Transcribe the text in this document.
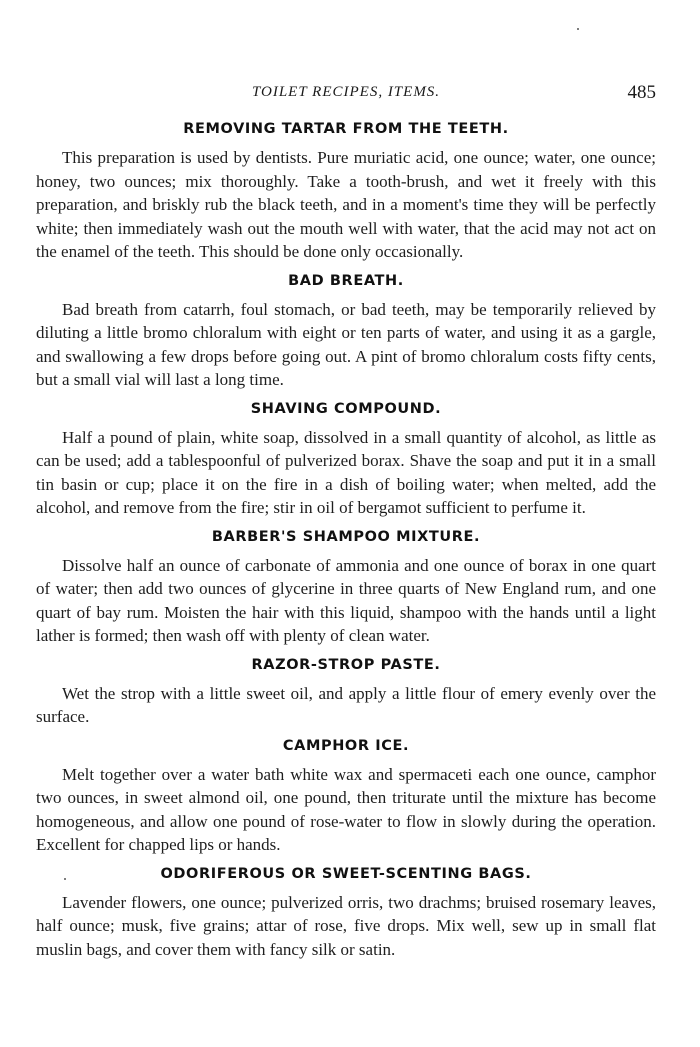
TOILET RECIPES, ITEMS.	485
REMOVING TARTAR FROM THE TEETH.

This preparation is used by dentists. Pure muriatic acid, one ounce; water, one ounce; honey, two ounces; mix thoroughly. Take a tooth-brush, and wet it freely with this preparation, and briskly rub the black teeth, and in a moment's time they will be perfectly white; then immediately wash out the mouth well with water, that the acid may not act on the enamel of the teeth. This should be done only occasionally.

BAD BREATH.

Bad breath from catarrh, foul stomach, or bad teeth, may be temporarily relieved by diluting a little bromo chloralum with eight or ten parts of water, and using it as a gargle, and swallowing a few drops before going out. A pint of bromo chloralum costs fifty cents, but a small vial will last a long time.

SHAVING COMPOUND.

Half a pound of plain, white soap, dissolved in a small quantity of alcohol, as little as can be used; add a tablespoonful of pulverized borax. Shave the soap and put it in a small tin basin or cup; place it on the fire in a dish of boiling water; when melted, add the alcohol, and remove from the fire; stir in oil of bergamot sufficient to perfume it.

BARBER'S SHAMPOO MIXTURE.

Dissolve half an ounce of carbonate of ammonia and one ounce of borax in one quart of water; then add two ounces of glycerine in three quarts of New England rum, and one quart of bay rum. Moisten the hair with this liquid, shampoo with the hands until a light lather is formed; then wash off with plenty of clean water.

RAZOR-STROP PASTE.

Wet the strop with a little sweet oil, and apply a little flour of emery evenly over the surface.

CAMPHOR ICE.

Melt together over a water bath white wax and spermaceti each one ounce, camphor two ounces, in sweet almond oil, one pound, then triturate until the mixture has become homogeneous, and allow one pound of rose-water to flow in slowly during the operation. Excellent for chapped lips or hands.

ODORIFEROUS OR SWEET-SCENTING BAGS.

Lavender flowers, one ounce; pulverized orris, two drachms; bruised rosemary leaves, half ounce; musk, five grains; attar of rose, five drops. Mix well, sew up in small flat muslin bags, and cover them with fancy silk or satin.
